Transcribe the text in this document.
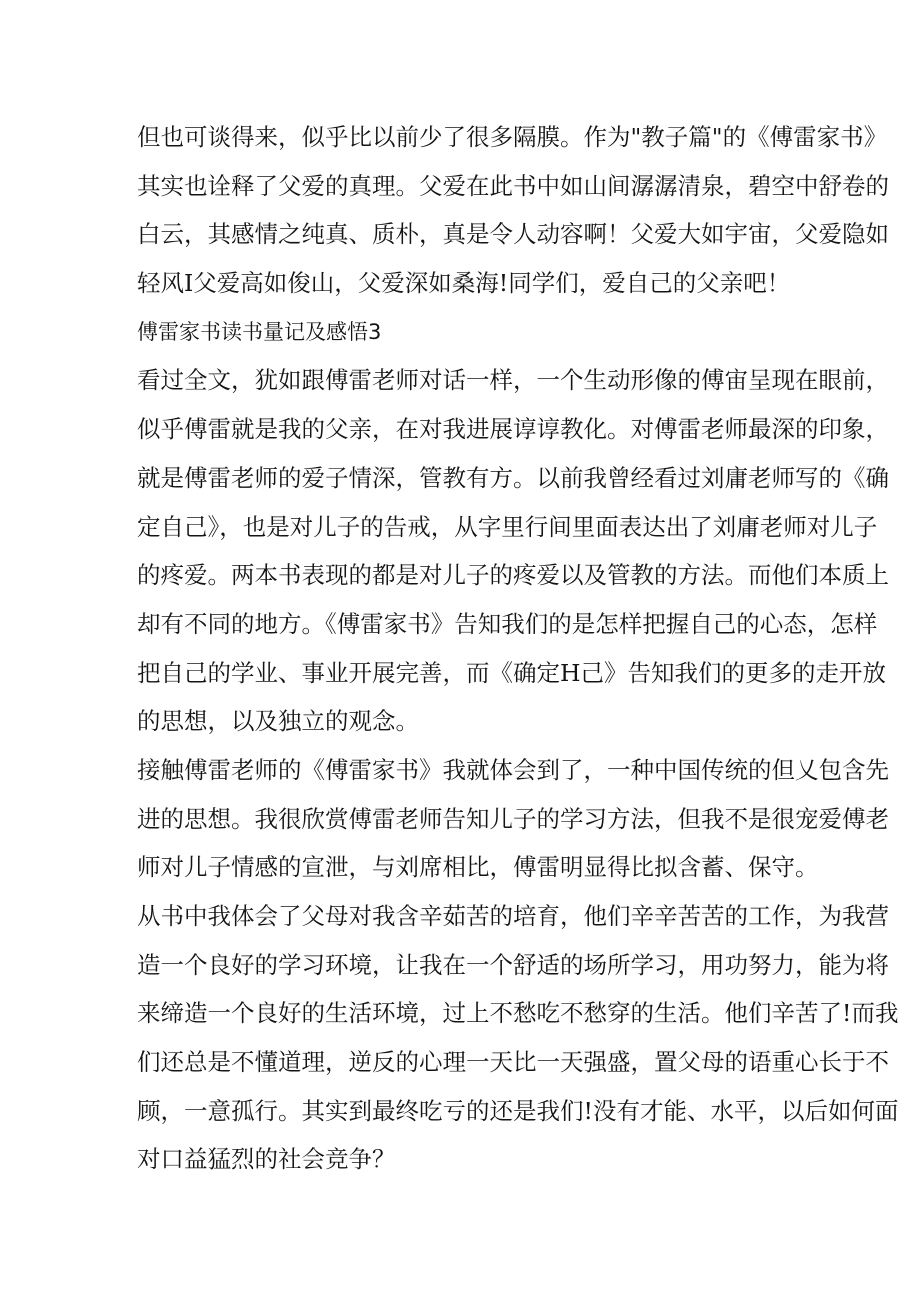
但也可谈得来，似乎比以前少了很多隔膜。作为"教子篇"的《傅雷家书》
其实也诠释了父爱的真理。父爱在此书中如山间潺潺清泉，碧空中舒卷的
白云，其感情之纯真、质朴，真是令人动容啊！父爱大如宇宙，父爱隐如
轻风I父爱高如俊山，父爱深如桑海!同学们，爱自己的父亲吧！
傅雷家书读书量记及感悟3
看过全文，犹如跟傅雷老师对话一样，一个生动形像的傅宙呈现在眼前，
似乎傅雷就是我的父亲，在对我进展谆谆教化。对傅雷老师最深的印象，
就是傅雷老师的爱子情深，管教有方。以前我曾经看过刘庸老师写的《确
定自己》，也是对儿子的告戒，从字里行间里面表达出了刘庸老师对儿子
的疼爱。两本书表现的都是对儿子的疼爱以及管教的方法。而他们本质上
却有不同的地方。《傅雷家书》告知我们的是怎样把握自己的心态，怎样
把自己的学业、事业开展完善，而《确定H己》告知我们的更多的走开放
的思想，以及独立的观念。
接触傅雷老师的《傅雷家书》我就体会到了，一种中国传统的但乂包含先
进的思想。我很欣赏傅雷老师告知儿子的学习方法，但我不是很宠爱傅老
师对儿子情感的宣泄，与刘席相比，傅雷明显得比拟含蓄、保守。
从书中我体会了父母对我含辛茹苦的培育，他们辛辛苦苦的工作，为我营
造一个良好的学习环境，让我在一个舒适的场所学习，用功努力，能为将
来缔造一个良好的生活环境，过上不愁吃不愁穿的生活。他们辛苦了!而我
们还总是不懂道理，逆反的心理一天比一天强盛，置父母的语重心长于不
顾，一意孤行。其实到最终吃亏的还是我们!没有才能、水平，以后如何面
对口益猛烈的社会竞争？
